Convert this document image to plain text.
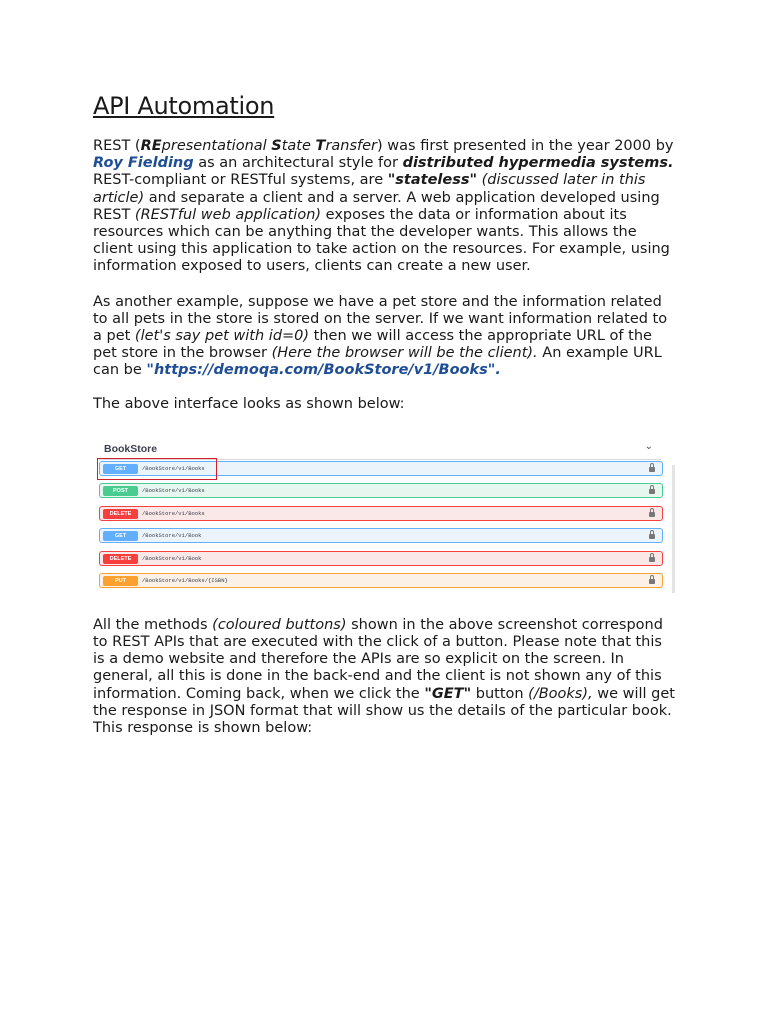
API Automation

REST (REpresentational State Transfer) was first presented in the year 2000 by Roy Fielding as an architectural style for distributed hypermedia systems. REST-compliant or RESTful systems, are "stateless" (discussed later in this article) and separate a client and a server. A web application developed using REST (RESTful web application) exposes the data or information about its resources which can be anything that the developer wants. This allows the client using this application to take action on the resources. For example, using information exposed to users, clients can create a new user.

As another example, suppose we have a pet store and the information related to all pets in the store is stored on the server. If we want information related to a pet (let's say pet with id=0) then we will access the appropriate URL of the pet store in the browser (Here the browser will be the client). An example URL can be "https://demoqa.com/BookStore/v1/Books".

The above interface looks as shown below:

BookStore	⌄
GET	/BookStore/v1/Books
POST	/BookStore/v1/Books
DELETE	/BookStore/v1/Books
GET	/BookStore/v1/Book
DELETE	/BookStore/v1/Book
PUT	/BookStore/v1/Books/{ISBN}

All the methods (coloured buttons) shown in the above screenshot correspond to REST APIs that are executed with the click of a button. Please note that this is a demo website and therefore the APIs are so explicit on the screen. In general, all this is done in the back-end and the client is not shown any of this information. Coming back, when we click the "GET" button (/Books), we will get the response in JSON format that will show us the details of the particular book. This response is shown below:
